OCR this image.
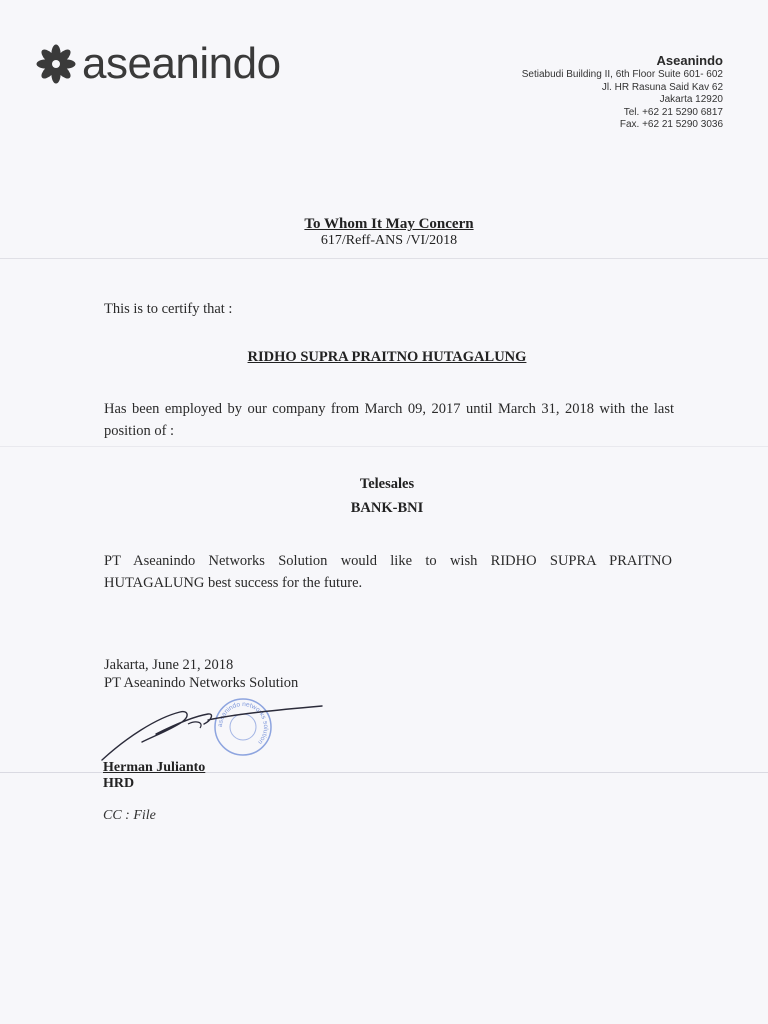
aseanindo	Aseanindo
Setiabudi Building II, 6th Floor Suite 601- 602
Jl. HR Rasuna Said Kav 62
Jakarta 12920
Tel. +62 21 5290 6817
Fax. +62 21 5290 3036
To Whom It May Concern
617/Reff-ANS /VI/2018
This is to certify that :
RIDHO SUPRA PRAITNO HUTAGALUNG
Has been employed by our company from March 09, 2017 until March 31, 2018 with the last position of :
Telesales
BANK-BNI
PT Aseanindo Networks Solution would like to wish RIDHO SUPRA PRAITNO HUTAGALUNG best success for the future.
Jakarta, June 21, 2018
PT Aseanindo Networks Solution
aseanindo networks solution
Herman Julianto
HRD
CC : File
